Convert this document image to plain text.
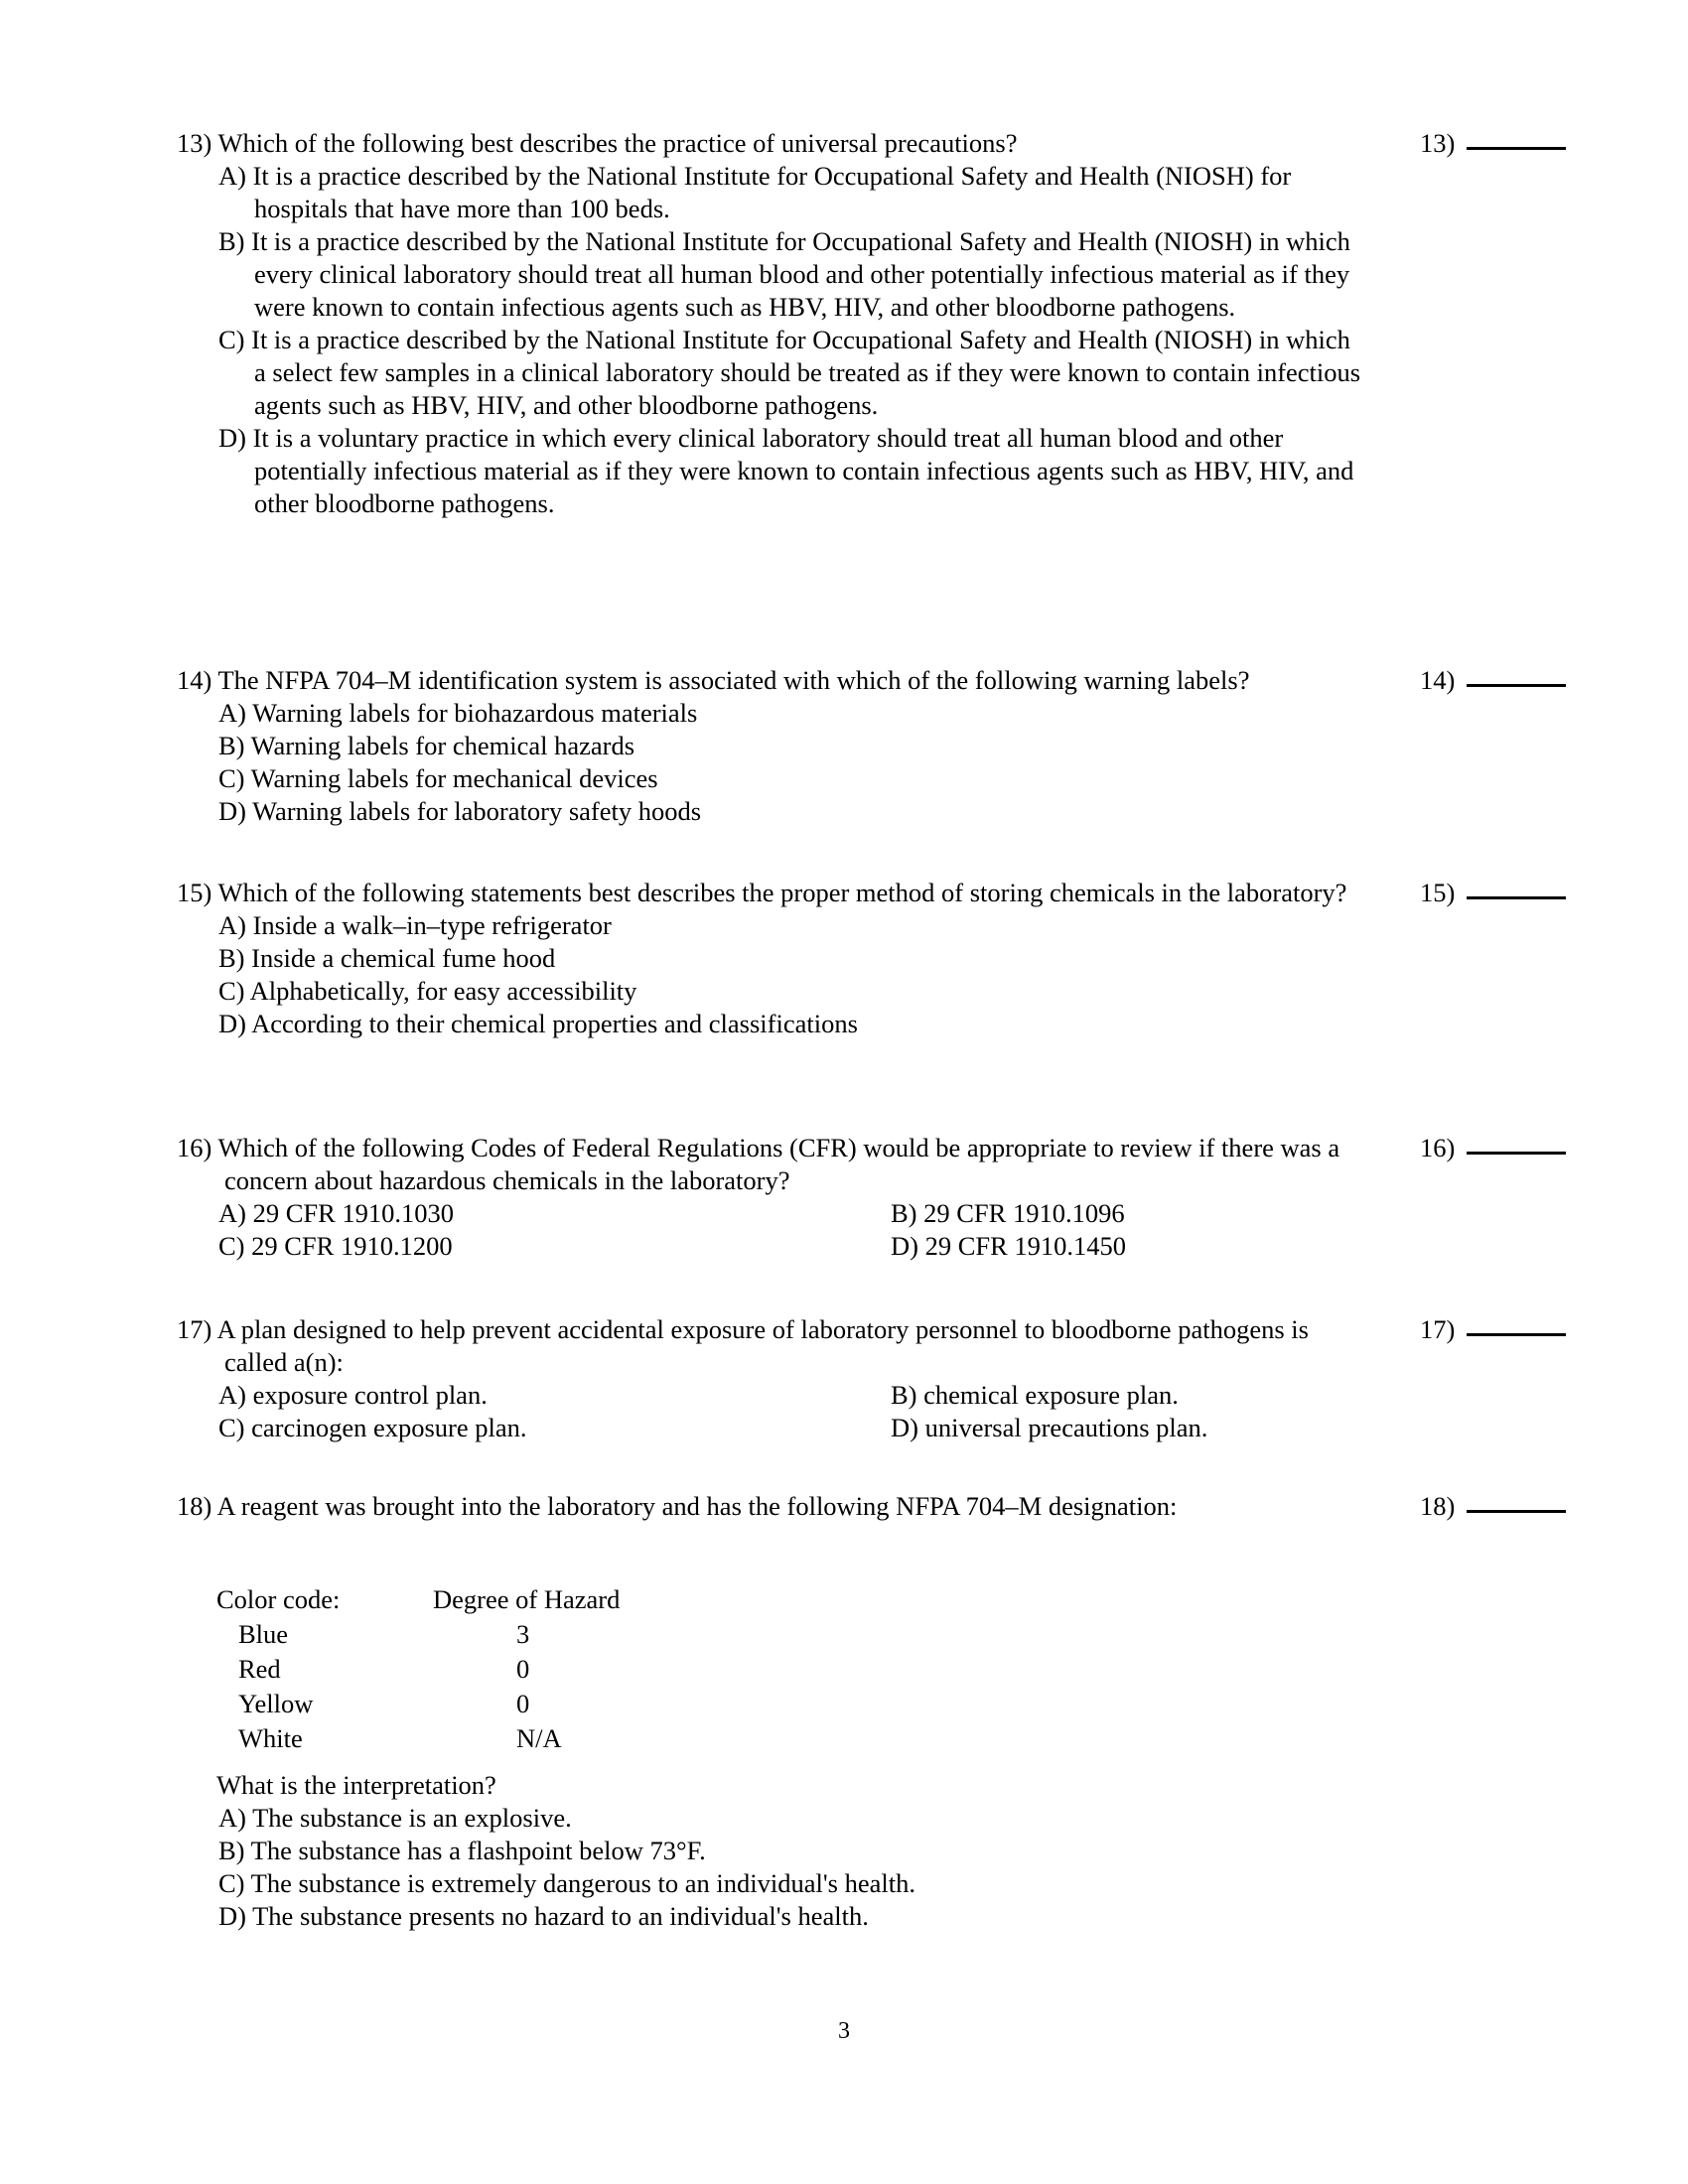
13) Which of the following best describes the practice of universal precautions?
A) It is a practice described by the National Institute for Occupational Safety and Health (NIOSH) for hospitals that have more than 100 beds.
B) It is a practice described by the National Institute for Occupational Safety and Health (NIOSH) in which every clinical laboratory should treat all human blood and other potentially infectious material as if they were known to contain infectious agents such as HBV, HIV, and other bloodborne pathogens.
C) It is a practice described by the National Institute for Occupational Safety and Health (NIOSH) in which a select few samples in a clinical laboratory should be treated as if they were known to contain infectious agents such as HBV, HIV, and other bloodborne pathogens.
D) It is a voluntary practice in which every clinical laboratory should treat all human blood and other potentially infectious material as if they were known to contain infectious agents such as HBV, HIV, and other bloodborne pathogens.
13)
14) The NFPA 704–M identification system is associated with which of the following warning labels?
A) Warning labels for biohazardous materials
B) Warning labels for chemical hazards
C) Warning labels for mechanical devices
D) Warning labels for laboratory safety hoods
14)
15) Which of the following statements best describes the proper method of storing chemicals in the laboratory?
A) Inside a walk–in–type refrigerator
B) Inside a chemical fume hood
C) Alphabetically, for easy accessibility
D) According to their chemical properties and classifications
15)
16) Which of the following Codes of Federal Regulations (CFR) would be appropriate to review if there was a concern about hazardous chemicals in the laboratory?
A) 29 CFR 1910.1030	B) 29 CFR 1910.1096
C) 29 CFR 1910.1200	D) 29 CFR 1910.1450
16)
17) A plan designed to help prevent accidental exposure of laboratory personnel to bloodborne pathogens is called a(n):
A) exposure control plan.	B) chemical exposure plan.
C) carcinogen exposure plan.	D) universal precautions plan.
17)
18) A reagent was brought into the laboratory and has the following NFPA 704–M designation:	18)
Color code:	Degree of Hazard
Blue	3
Red	0
Yellow	0
White	N/A
What is the interpretation?
A) The substance is an explosive.
B) The substance has a flashpoint below 73°F.
C) The substance is extremely dangerous to an individual's health.
D) The substance presents no hazard to an individual's health.
3
